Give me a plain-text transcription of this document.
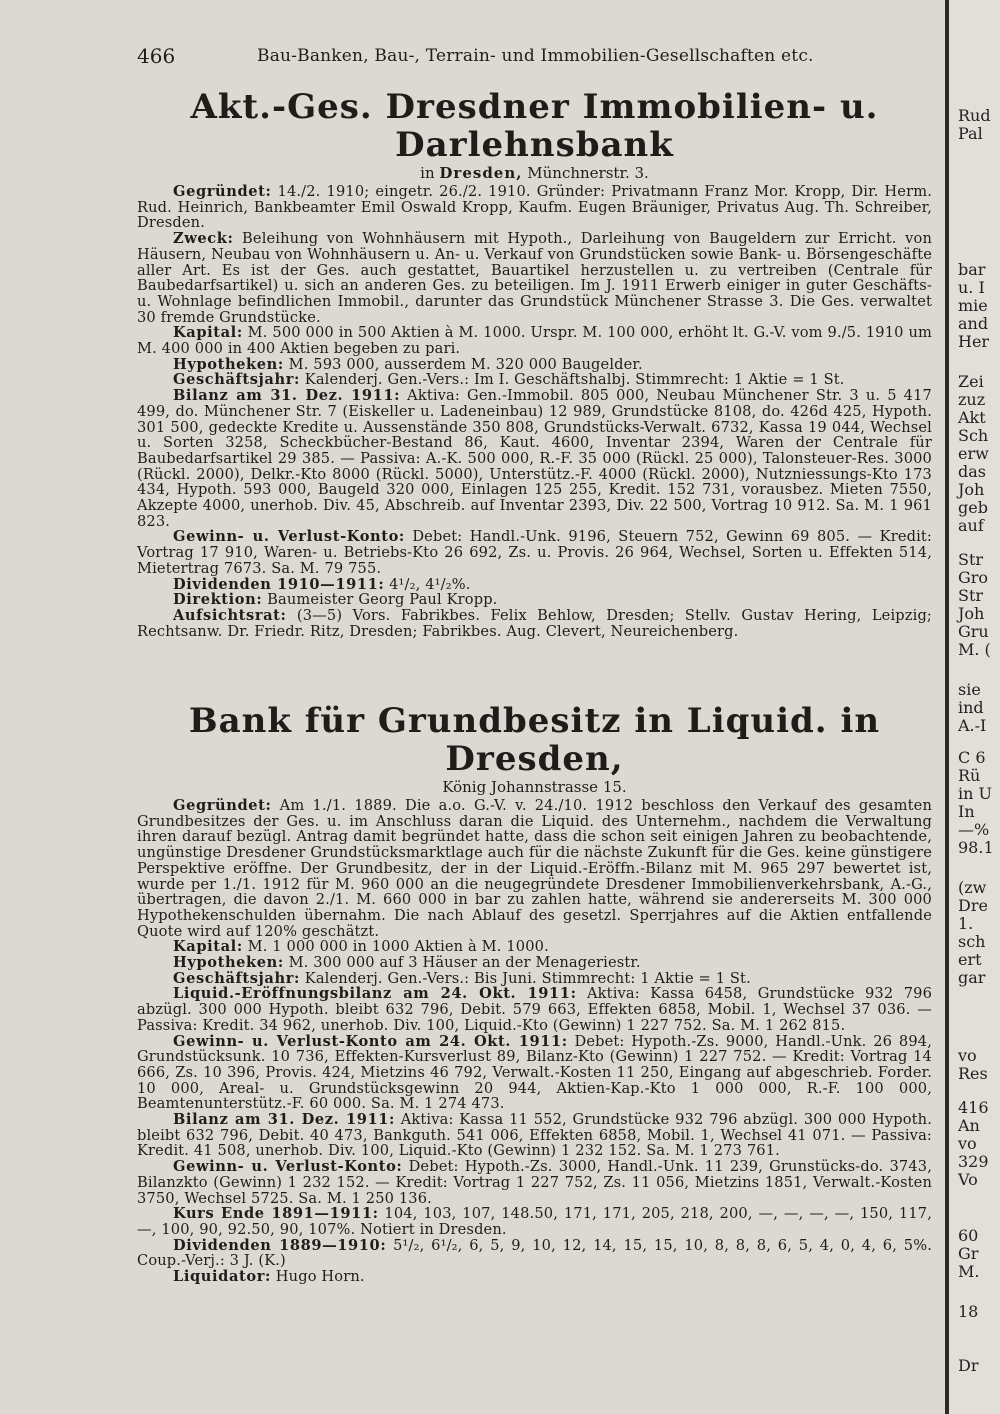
466	Bau-Banken, Bau-, Terrain- und Immobilien-Gesellschaften etc.
Akt.-Ges. Dresdner Immobilien- u. Darlehnsbank
in Dresden, Münchnerstr. 3.

Gegründet: 14./2. 1910; eingetr. 26./2. 1910. Gründer: Privatmann Franz Mor. Kropp, Dir. Herm. Rud. Heinrich, Bankbeamter Emil Oswald Kropp, Kaufm. Eugen Bräuniger, Privatus Aug. Th. Schreiber, Dresden.

Zweck: Beleihung von Wohnhäusern mit Hypoth., Darleihung von Baugeldern zur Erricht. von Häusern, Neubau von Wohnhäusern u. An- u. Verkauf von Grundstücken sowie Bank- u. Börsengeschäfte aller Art. Es ist der Ges. auch gestattet, Bauartikel herzustellen u. zu vertreiben (Centrale für Baubedarfsartikel) u. sich an anderen Ges. zu beteiligen. Im J. 1911 Erwerb einiger in guter Geschäfts- u. Wohnlage befindlichen Immobil., darunter das Grundstück Münchener Strasse 3. Die Ges. verwaltet 30 fremde Grundstücke.

Kapital: M. 500 000 in 500 Aktien à M. 1000. Urspr. M. 100 000, erhöht lt. G.-V. vom 9./5. 1910 um M. 400 000 in 400 Aktien begeben zu pari.

Hypotheken: M. 593 000, ausserdem M. 320 000 Baugelder.

Geschäftsjahr: Kalenderj. Gen.-Vers.: Im I. Geschäftshalbj. Stimmrecht: 1 Aktie = 1 St.

Bilanz am 31. Dez. 1911: Aktiva: Gen.-Immobil. 805 000, Neubau Münchener Str. 3 u. 5 417 499, do. Münchener Str. 7 (Eiskeller u. Ladeneinbau) 12 989, Grundstücke 8108, do. 426d 425, Hypoth. 301 500, gedeckte Kredite u. Aussenstände 350 808, Grundstücks-Verwalt. 6732, Kassa 19 044, Wechsel u. Sorten 3258, Scheckbücher-Bestand 86, Kaut. 4600, Inventar 2394, Waren der Centrale für Baubedarfsartikel 29 385. — Passiva: A.-K. 500 000, R.-F. 35 000 (Rückl. 25 000), Talonsteuer-Res. 3000 (Rückl. 2000), Delkr.-Kto 8000 (Rückl. 5000), Unterstütz.-F. 4000 (Rückl. 2000), Nutzniessungs-Kto 173 434, Hypoth. 593 000, Baugeld 320 000, Einlagen 125 255, Kredit. 152 731, vorausbez. Mieten 7550, Akzepte 4000, unerhob. Div. 45, Abschreib. auf Inventar 2393, Div. 22 500, Vortrag 10 912. Sa. M. 1 961 823.

Gewinn- u. Verlust-Konto: Debet: Handl.-Unk. 9196, Steuern 752, Gewinn 69 805. — Kredit: Vortrag 17 910, Waren- u. Betriebs-Kto 26 692, Zs. u. Provis. 26 964, Wechsel, Sorten u. Effekten 514, Mietertrag 7673. Sa. M. 79 755.

Dividenden 1910—1911: 4¹/₂, 4¹/₂%.

Direktion: Baumeister Georg Paul Kropp.

Aufsichtsrat: (3—5) Vors. Fabrikbes. Felix Behlow, Dresden; Stellv. Gustav Hering, Leipzig; Rechtsanw. Dr. Friedr. Ritz, Dresden; Fabrikbes. Aug. Clevert, Neureichenberg.

Bank für Grundbesitz in Liquid. in Dresden,
König Johannstrasse 15.

Gegründet: Am 1./1. 1889. Die a.o. G.-V. v. 24./10. 1912 beschloss den Verkauf des gesamten Grundbesitzes der Ges. u. im Anschluss daran die Liquid. des Unternehm., nachdem die Verwaltung ihren darauf bezügl. Antrag damit begründet hatte, dass die schon seit einigen Jahren zu beobachtende, ungünstige Dresdener Grundstücksmarktlage auch für die nächste Zukunft für die Ges. keine günstigere Perspektive eröffne. Der Grundbesitz, der in der Liquid.-Eröffn.-Bilanz mit M. 965 297 bewertet ist, wurde per 1./1. 1912 für M. 960 000 an die neugegründete Dresdener Immobilienverkehrsbank, A.-G., übertragen, die davon 2./1. M. 660 000 in bar zu zahlen hatte, während sie andererseits M. 300 000 Hypothekenschulden übernahm. Die nach Ablauf des gesetzl. Sperrjahres auf die Aktien entfallende Quote wird auf 120% geschätzt.

Kapital: M. 1 000 000 in 1000 Aktien à M. 1000.

Hypotheken: M. 300 000 auf 3 Häuser an der Menageriestr.

Geschäftsjahr: Kalenderj. Gen.-Vers.: Bis Juni. Stimmrecht: 1 Aktie = 1 St.

Liquid.-Eröffnungsbilanz am 24. Okt. 1911: Aktiva: Kassa 6458, Grundstücke 932 796 abzügl. 300 000 Hypoth. bleibt 632 796, Debit. 579 663, Effekten 6858, Mobil. 1, Wechsel 37 036. — Passiva: Kredit. 34 962, unerhob. Div. 100, Liquid.-Kto (Gewinn) 1 227 752. Sa. M. 1 262 815.

Gewinn- u. Verlust-Konto am 24. Okt. 1911: Debet: Hypoth.-Zs. 9000, Handl.-Unk. 26 894, Grundstücksunk. 10 736, Effekten-Kursverlust 89, Bilanz-Kto (Gewinn) 1 227 752. — Kredit: Vortrag 14 666, Zs. 10 396, Provis. 424, Mietzins 46 792, Verwalt.-Kosten 11 250, Eingang auf abgeschrieb. Forder. 10 000, Areal- u. Grundstücksgewinn 20 944, Aktien-Kap.-Kto 1 000 000, R.-F. 100 000, Beamtenunterstütz.-F. 60 000. Sa. M. 1 274 473.

Bilanz am 31. Dez. 1911: Aktiva: Kassa 11 552, Grundstücke 932 796 abzügl. 300 000 Hypoth. bleibt 632 796, Debit. 40 473, Bankguth. 541 006, Effekten 6858, Mobil. 1, Wechsel 41 071. — Passiva: Kredit. 41 508, unerhob. Div. 100, Liquid.-Kto (Gewinn) 1 232 152. Sa. M. 1 273 761.

Gewinn- u. Verlust-Konto: Debet: Hypoth.-Zs. 3000, Handl.-Unk. 11 239, Grunstücks-do. 3743, Bilanzkto (Gewinn) 1 232 152. — Kredit: Vortrag 1 227 752, Zs. 11 056, Mietzins 1851, Verwalt.-Kosten 3750, Wechsel 5725. Sa. M. 1 250 136.

Kurs Ende 1891—1911: 104, 103, 107, 148.50, 171, 171, 205, 218, 200, —, —, —, —, 150, 117, —, 100, 90, 92.50, 90, 107%. Notiert in Dresden.

Dividenden 1889—1910: 5¹/₂, 6¹/₂, 6, 5, 9, 10, 12, 14, 15, 15, 10, 8, 8, 8, 6, 5, 4, 0, 4, 6, 5%. Coup.-Verj.: 3 J. (K.)

Liquidator: Hugo Horn.

Rud
Pal
bar
u. I
mie
and
Her
Zei
zuz
Akt
Sch
erw
das
Joh
geb
auf
Str
Gro
Str
Joh
Gru
M. (
sie
ind
A.-I
C 6
Rü
in U
In
—%
98.1
(zw
Dre
1.
sch
ert
gar
vo
Res
416
An
vo
329
Vo
60
Gr
M.
18
Dr
